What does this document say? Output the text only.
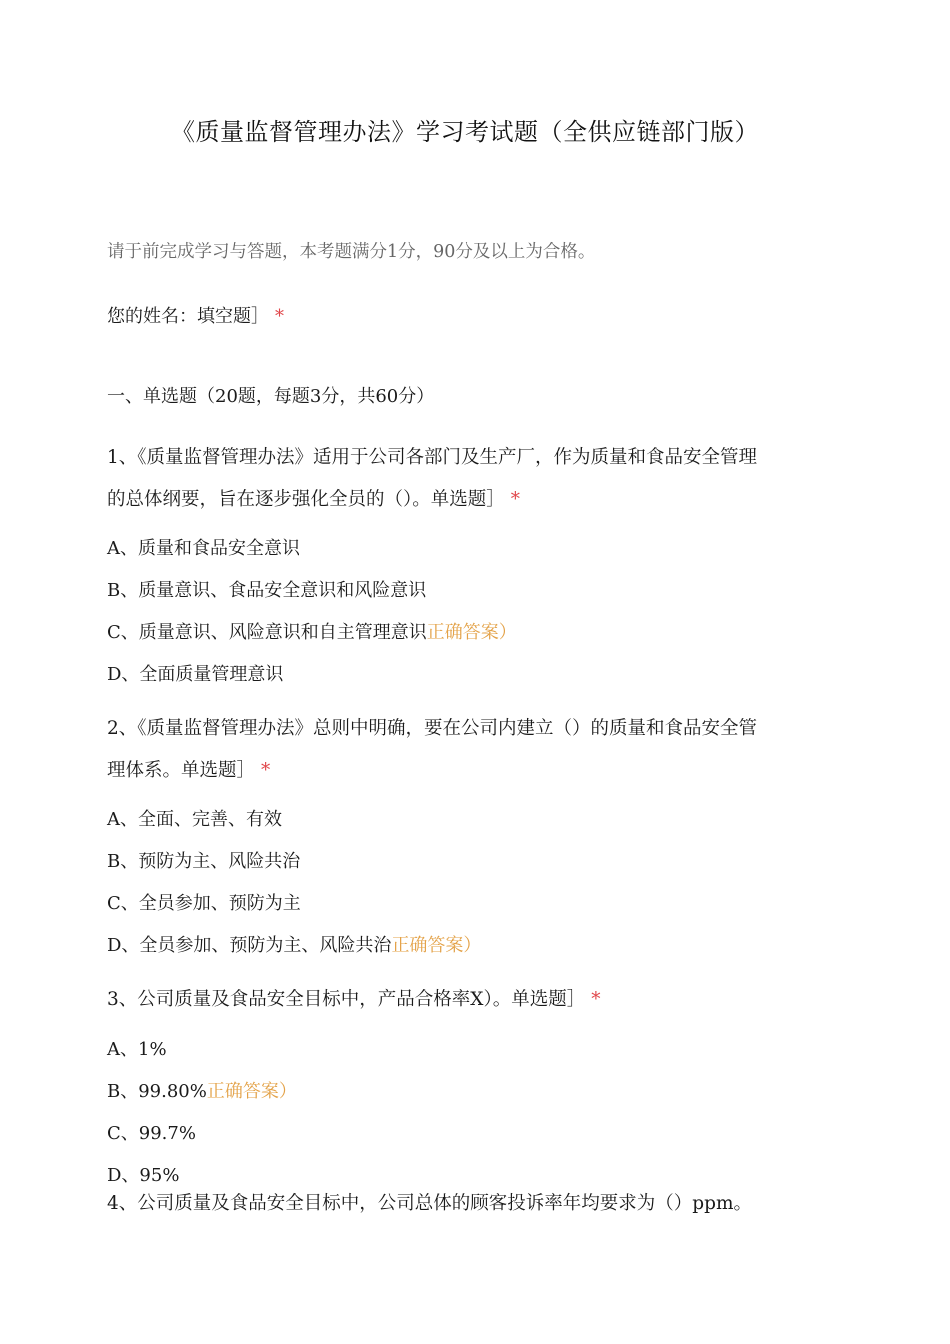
《质量监督管理办法》学习考试题（全供应链部门版）
请于前完成学习与答题，本考题满分1分，90分及以上为合格。
您的姓名：填空题］ *
一、单选题（20题，每题3分，共60分）
1、《质量监督管理办法》适用于公司各部门及生产厂，作为质量和食品安全管理
的总体纲要，旨在逐步强化全员的（）。单选题］ *
A、质量和食品安全意识
B、质量意识、食品安全意识和风险意识
C、质量意识、风险意识和自主管理意识正确答案）
D、全面质量管理意识
2、《质量监督管理办法》总则中明确，要在公司内建立（）的质量和食品安全管
理体系。单选题］ *
A、全面、完善、有效
B、预防为主、风险共治
C、全员参加、预防为主
D、全员参加、预防为主、风险共治正确答案）
3、公司质量及食品安全目标中，产品合格率X）。单选题］ *
A、1%
B、99.80%正确答案）
C、99.7%
D、95%
4、公司质量及食品安全目标中，公司总体的顾客投诉率年均要求为（）ppm。
